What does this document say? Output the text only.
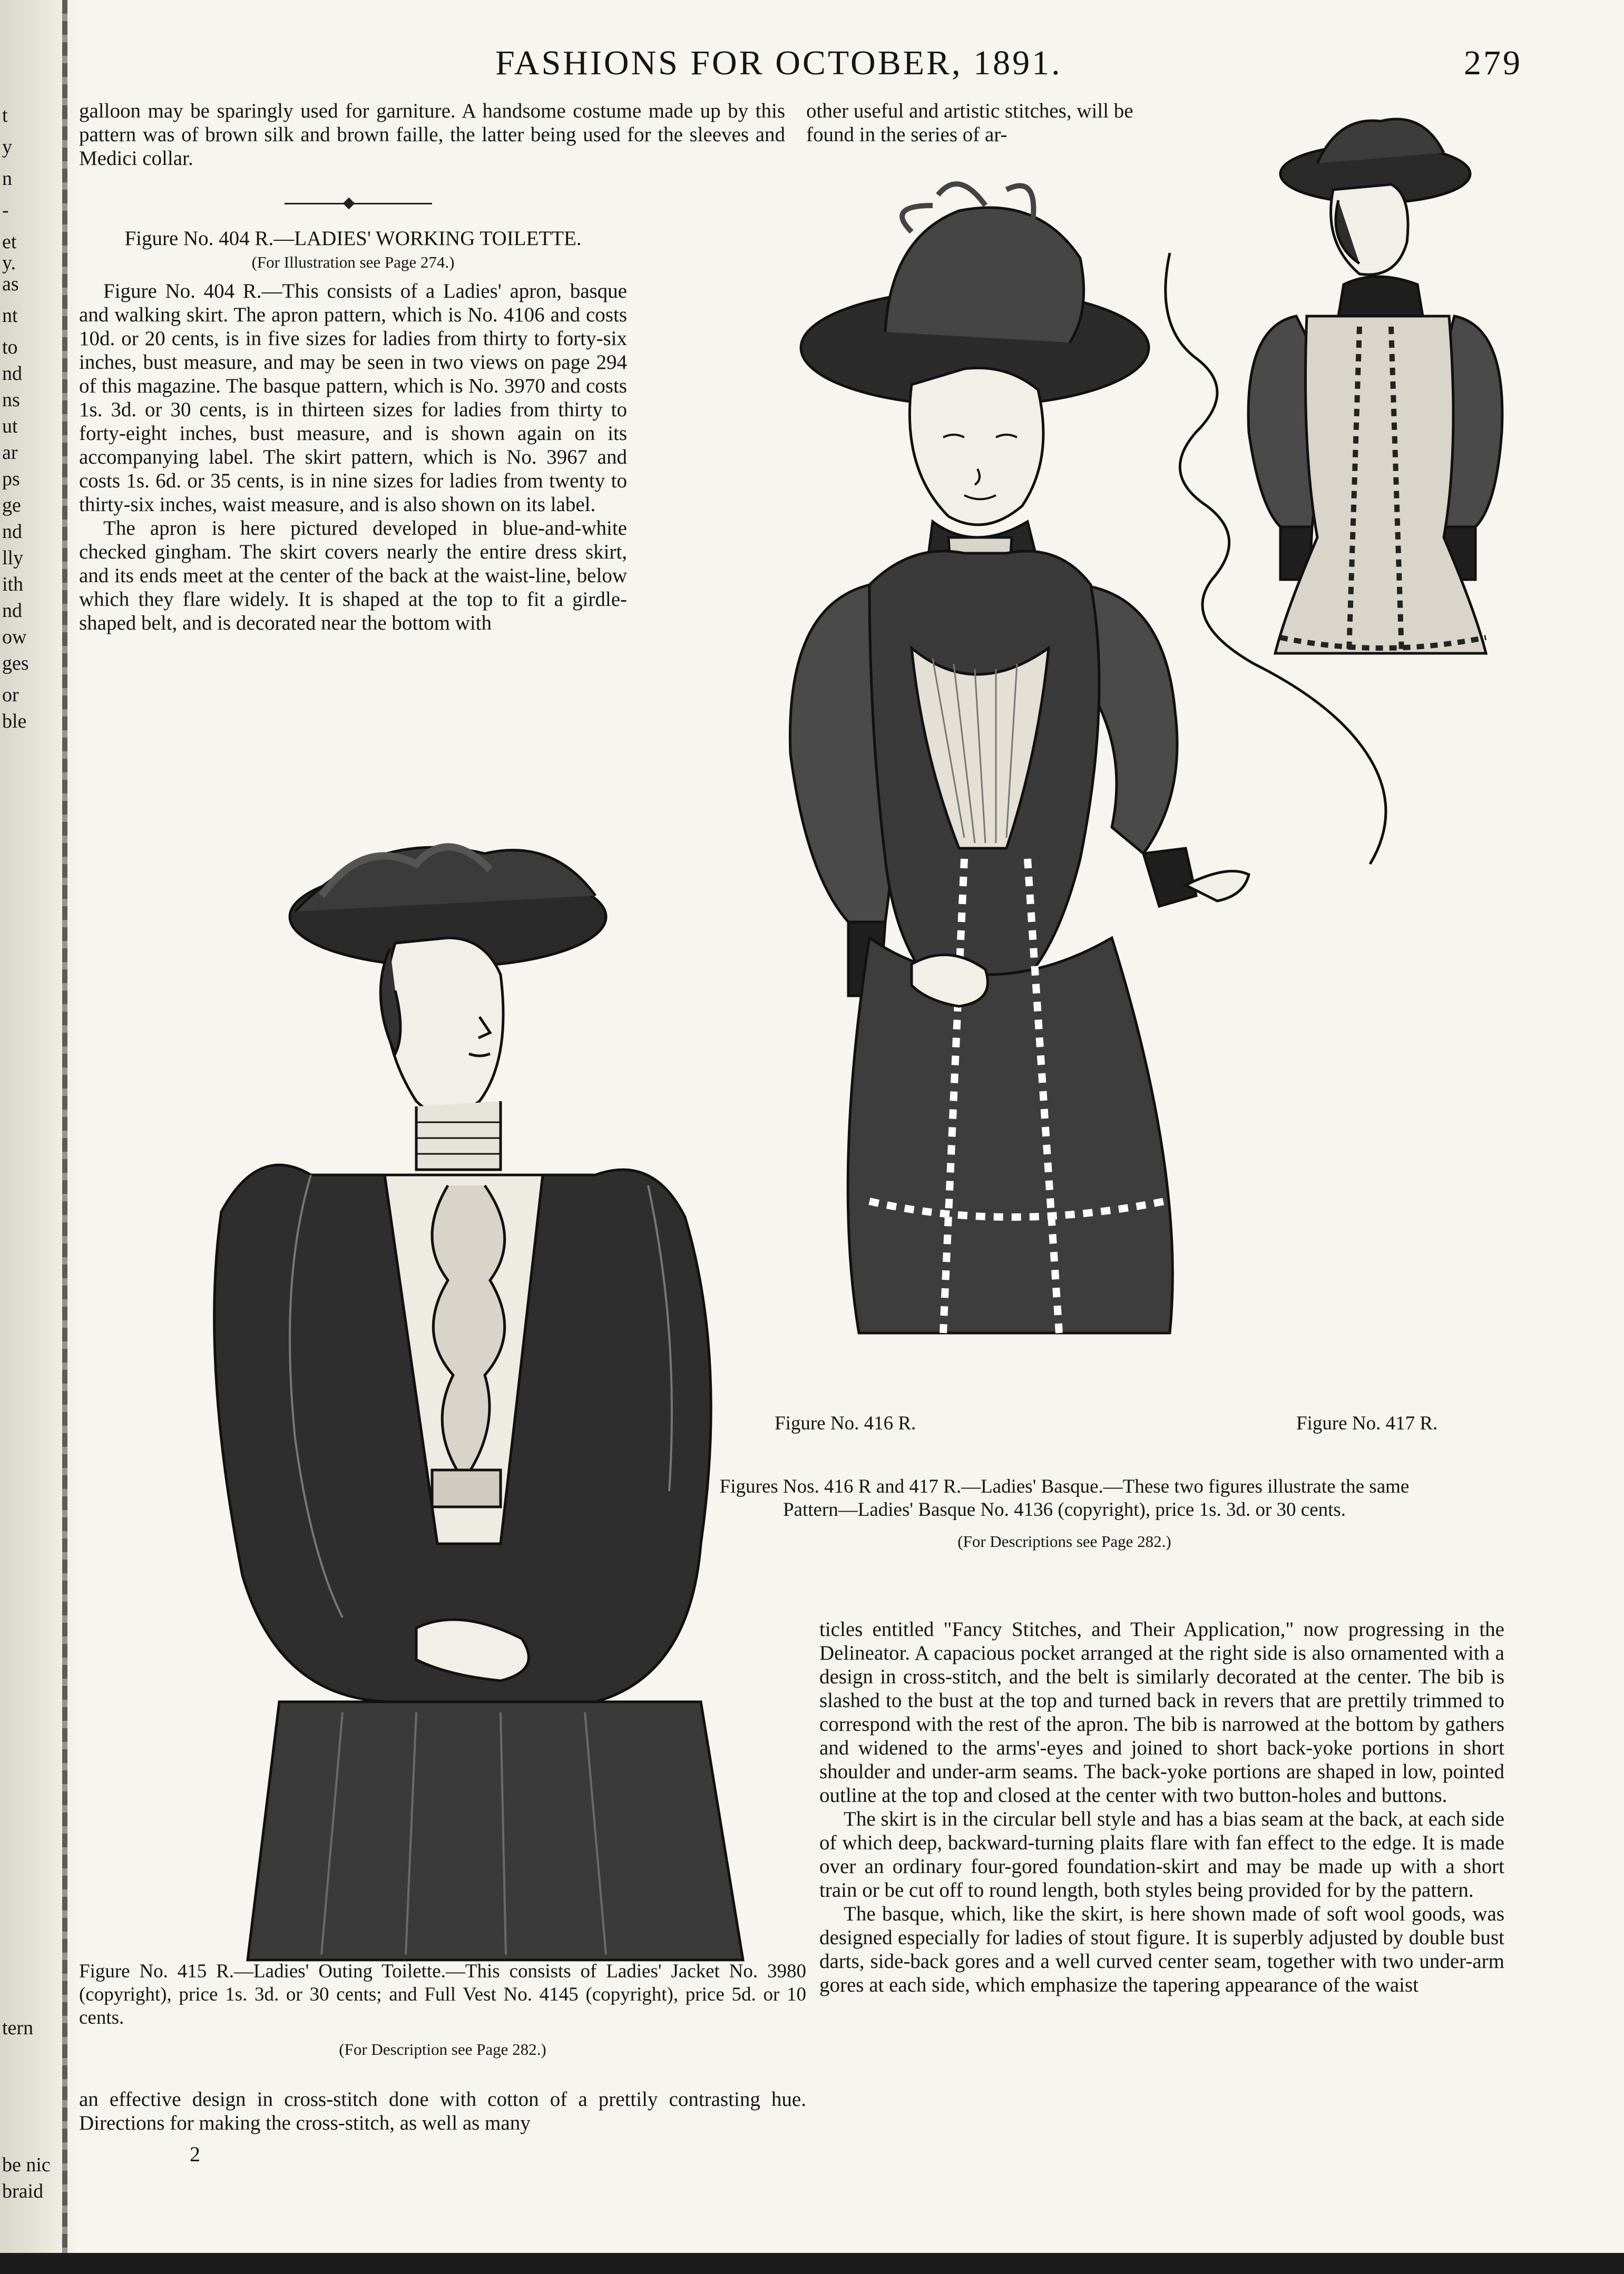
t
y
n
-
et
y.
as
nt
to
nd
ns
ut
ar
ps
ge
nd
lly
ith
nd
ow
ges
or
ble
tern
be nic
braid
FASHIONS FOR OCTOBER, 1891.	279

galloon may be sparingly used for garniture. A handsome costume made up by this pattern was of brown silk and brown faille, the latter being used for the sleeves and Medici collar.

Figure No. 404 R.—LADIES' WORKING TOILETTE.

(For Illustration see Page 274.)

Figure No. 404 R.—This consists of a Ladies' apron, basque and walking skirt. The apron pattern, which is No. 4106 and costs 10d. or 20 cents, is in five sizes for ladies from thirty to forty-six inches, bust measure, and may be seen in two views on page 294 of this magazine. The basque pattern, which is No. 3970 and costs 1s. 3d. or 30 cents, is in thirteen sizes for ladies from thirty to forty-eight inches, bust measure, and is shown again on its accompanying label. The skirt pattern, which is No. 3967 and costs 1s. 6d. or 35 cents, is in nine sizes for ladies from twenty to thirty-six inches, waist measure, and is also shown on its label.

The apron is here pictured developed in blue-and-white checked gingham. The skirt covers nearly the entire dress skirt, and its ends meet at the center of the back at the waist-line, below which they flare widely. It is shaped at the top to fit a girdle-shaped belt, and is decorated near the bottom with

Figure No. 415 R.—Ladies' Outing Toilette.—This consists of Ladies' Jacket No. 3980 (copyright), price 1s. 3d. or 30 cents; and Full Vest No. 4145 (copyright), price 5d. or 10 cents.
(For Description see Page 282.)

an effective design in cross-stitch done with cotton of a prettily contrasting hue. Directions for making the cross-stitch, as well as many

2

other useful and artistic stitches, will be found in the series of ar-

Figure No. 416 R.	Figure No. 417 R.
Figures Nos. 416 R and 417 R.—Ladies' Basque.—These two figures illustrate the same Pattern—Ladies' Basque No. 4136 (copyright), price 1s. 3d. or 30 cents.
(For Descriptions see Page 282.)

ticles entitled "Fancy Stitches, and Their Application," now progressing in the Delineator. A capacious pocket arranged at the right side is also ornamented with a design in cross-stitch, and the belt is similarly decorated at the center. The bib is slashed to the bust at the top and turned back in revers that are prettily trimmed to correspond with the rest of the apron. The bib is narrowed at the bottom by gathers and widened to the arms'-eyes and joined to short back-yoke portions in short shoulder and under-arm seams. The back-yoke portions are shaped in low, pointed outline at the top and closed at the center with two button-holes and buttons.

The skirt is in the circular bell style and has a bias seam at the back, at each side of which deep, backward-turning plaits flare with fan effect to the edge. It is made over an ordinary four-gored foundation-skirt and may be made up with a short train or be cut off to round length, both styles being provided for by the pattern.

The basque, which, like the skirt, is here shown made of soft wool goods, was designed especially for ladies of stout figure. It is superbly adjusted by double bust darts, side-back gores and a well curved center seam, together with two under-arm gores at each side, which emphasize the tapering appearance of the waist
